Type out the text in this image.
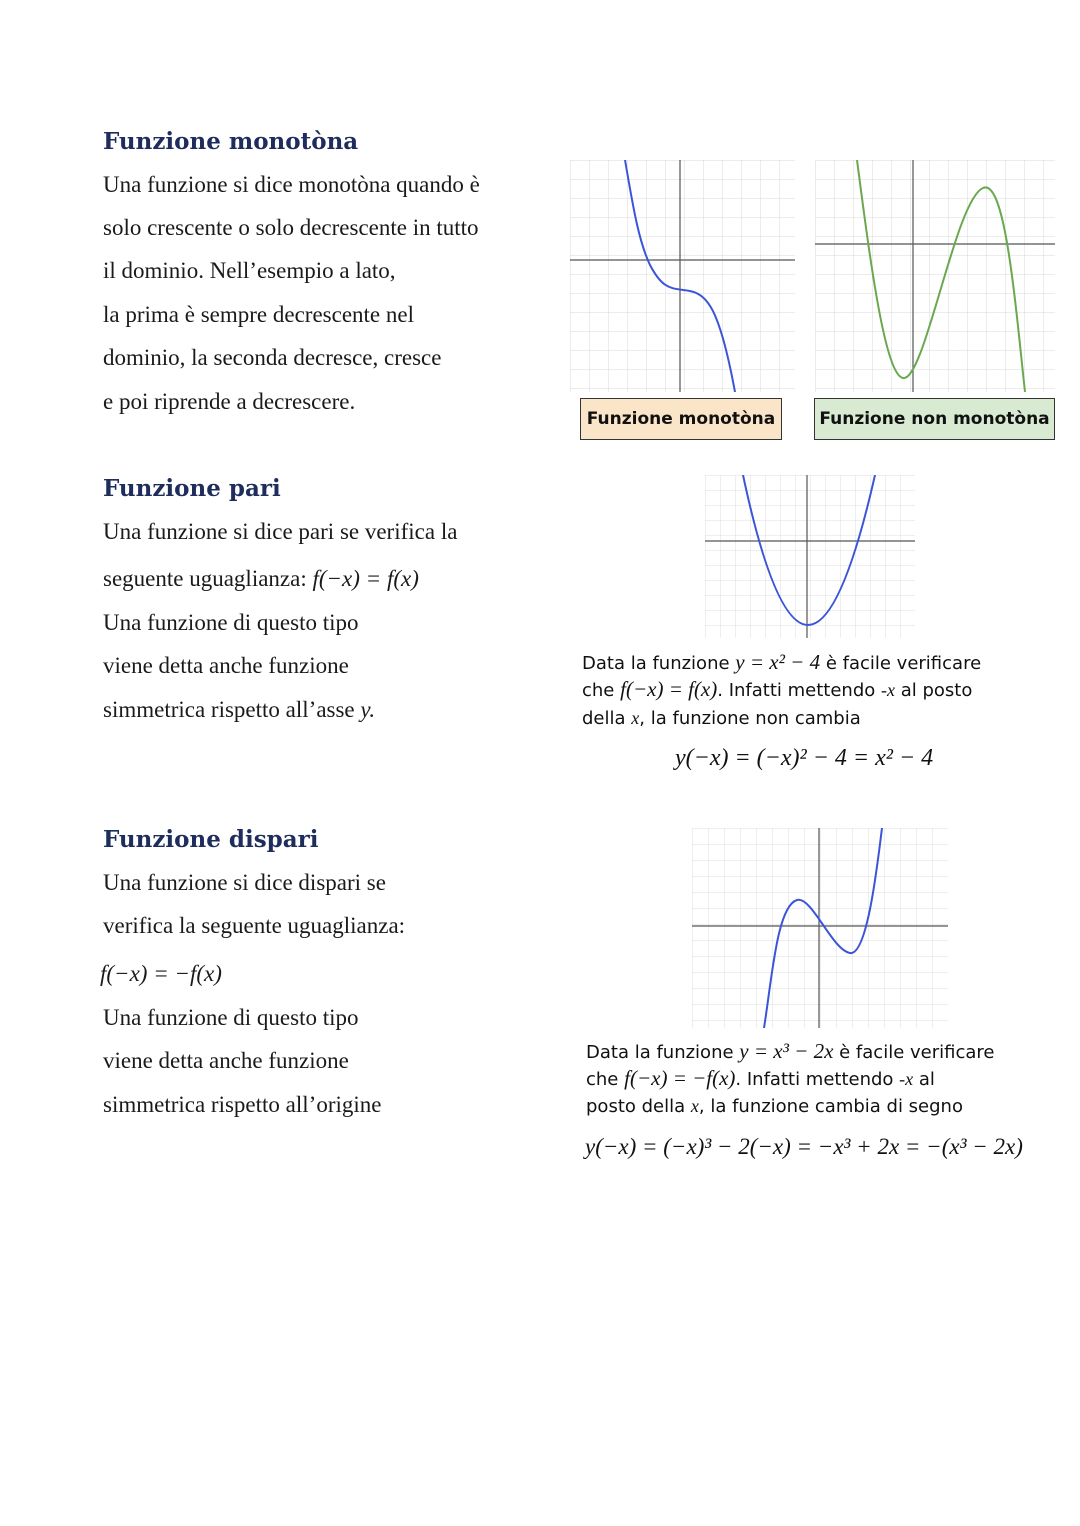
Funzione monotòna
Una funzione si dice monotòna quando è
solo crescente o solo decrescente in tutto
il dominio. Nell’esempio a lato,
la prima è sempre decrescente nel
dominio, la seconda decresce, cresce
e poi riprende a decrescere.
Funzione monotòna	Funzione non monotòna
Funzione pari
Una funzione si dice pari se verifica la
seguente uguaglianza: f(−x) = f(x)
Una funzione di questo tipo
viene detta anche funzione
simmetrica rispetto all’asse y.
Data la funzione y = x² − 4 è facile verificare
che f(−x) = f(x). Infatti mettendo -x al posto
della x, la funzione non cambia
y(−x) = (−x)² − 4 = x² − 4
Funzione dispari
Una funzione si dice dispari se
verifica la seguente uguaglianza:
f(−x) = −f(x)
Una funzione di questo tipo
viene detta anche funzione
simmetrica rispetto all’origine
Data la funzione y = x³ − 2x è facile verificare
che f(−x) = −f(x). Infatti mettendo -x al
posto della x, la funzione cambia di segno
y(−x) = (−x)³ − 2(−x) = −x³ + 2x = −(x³ − 2x)
